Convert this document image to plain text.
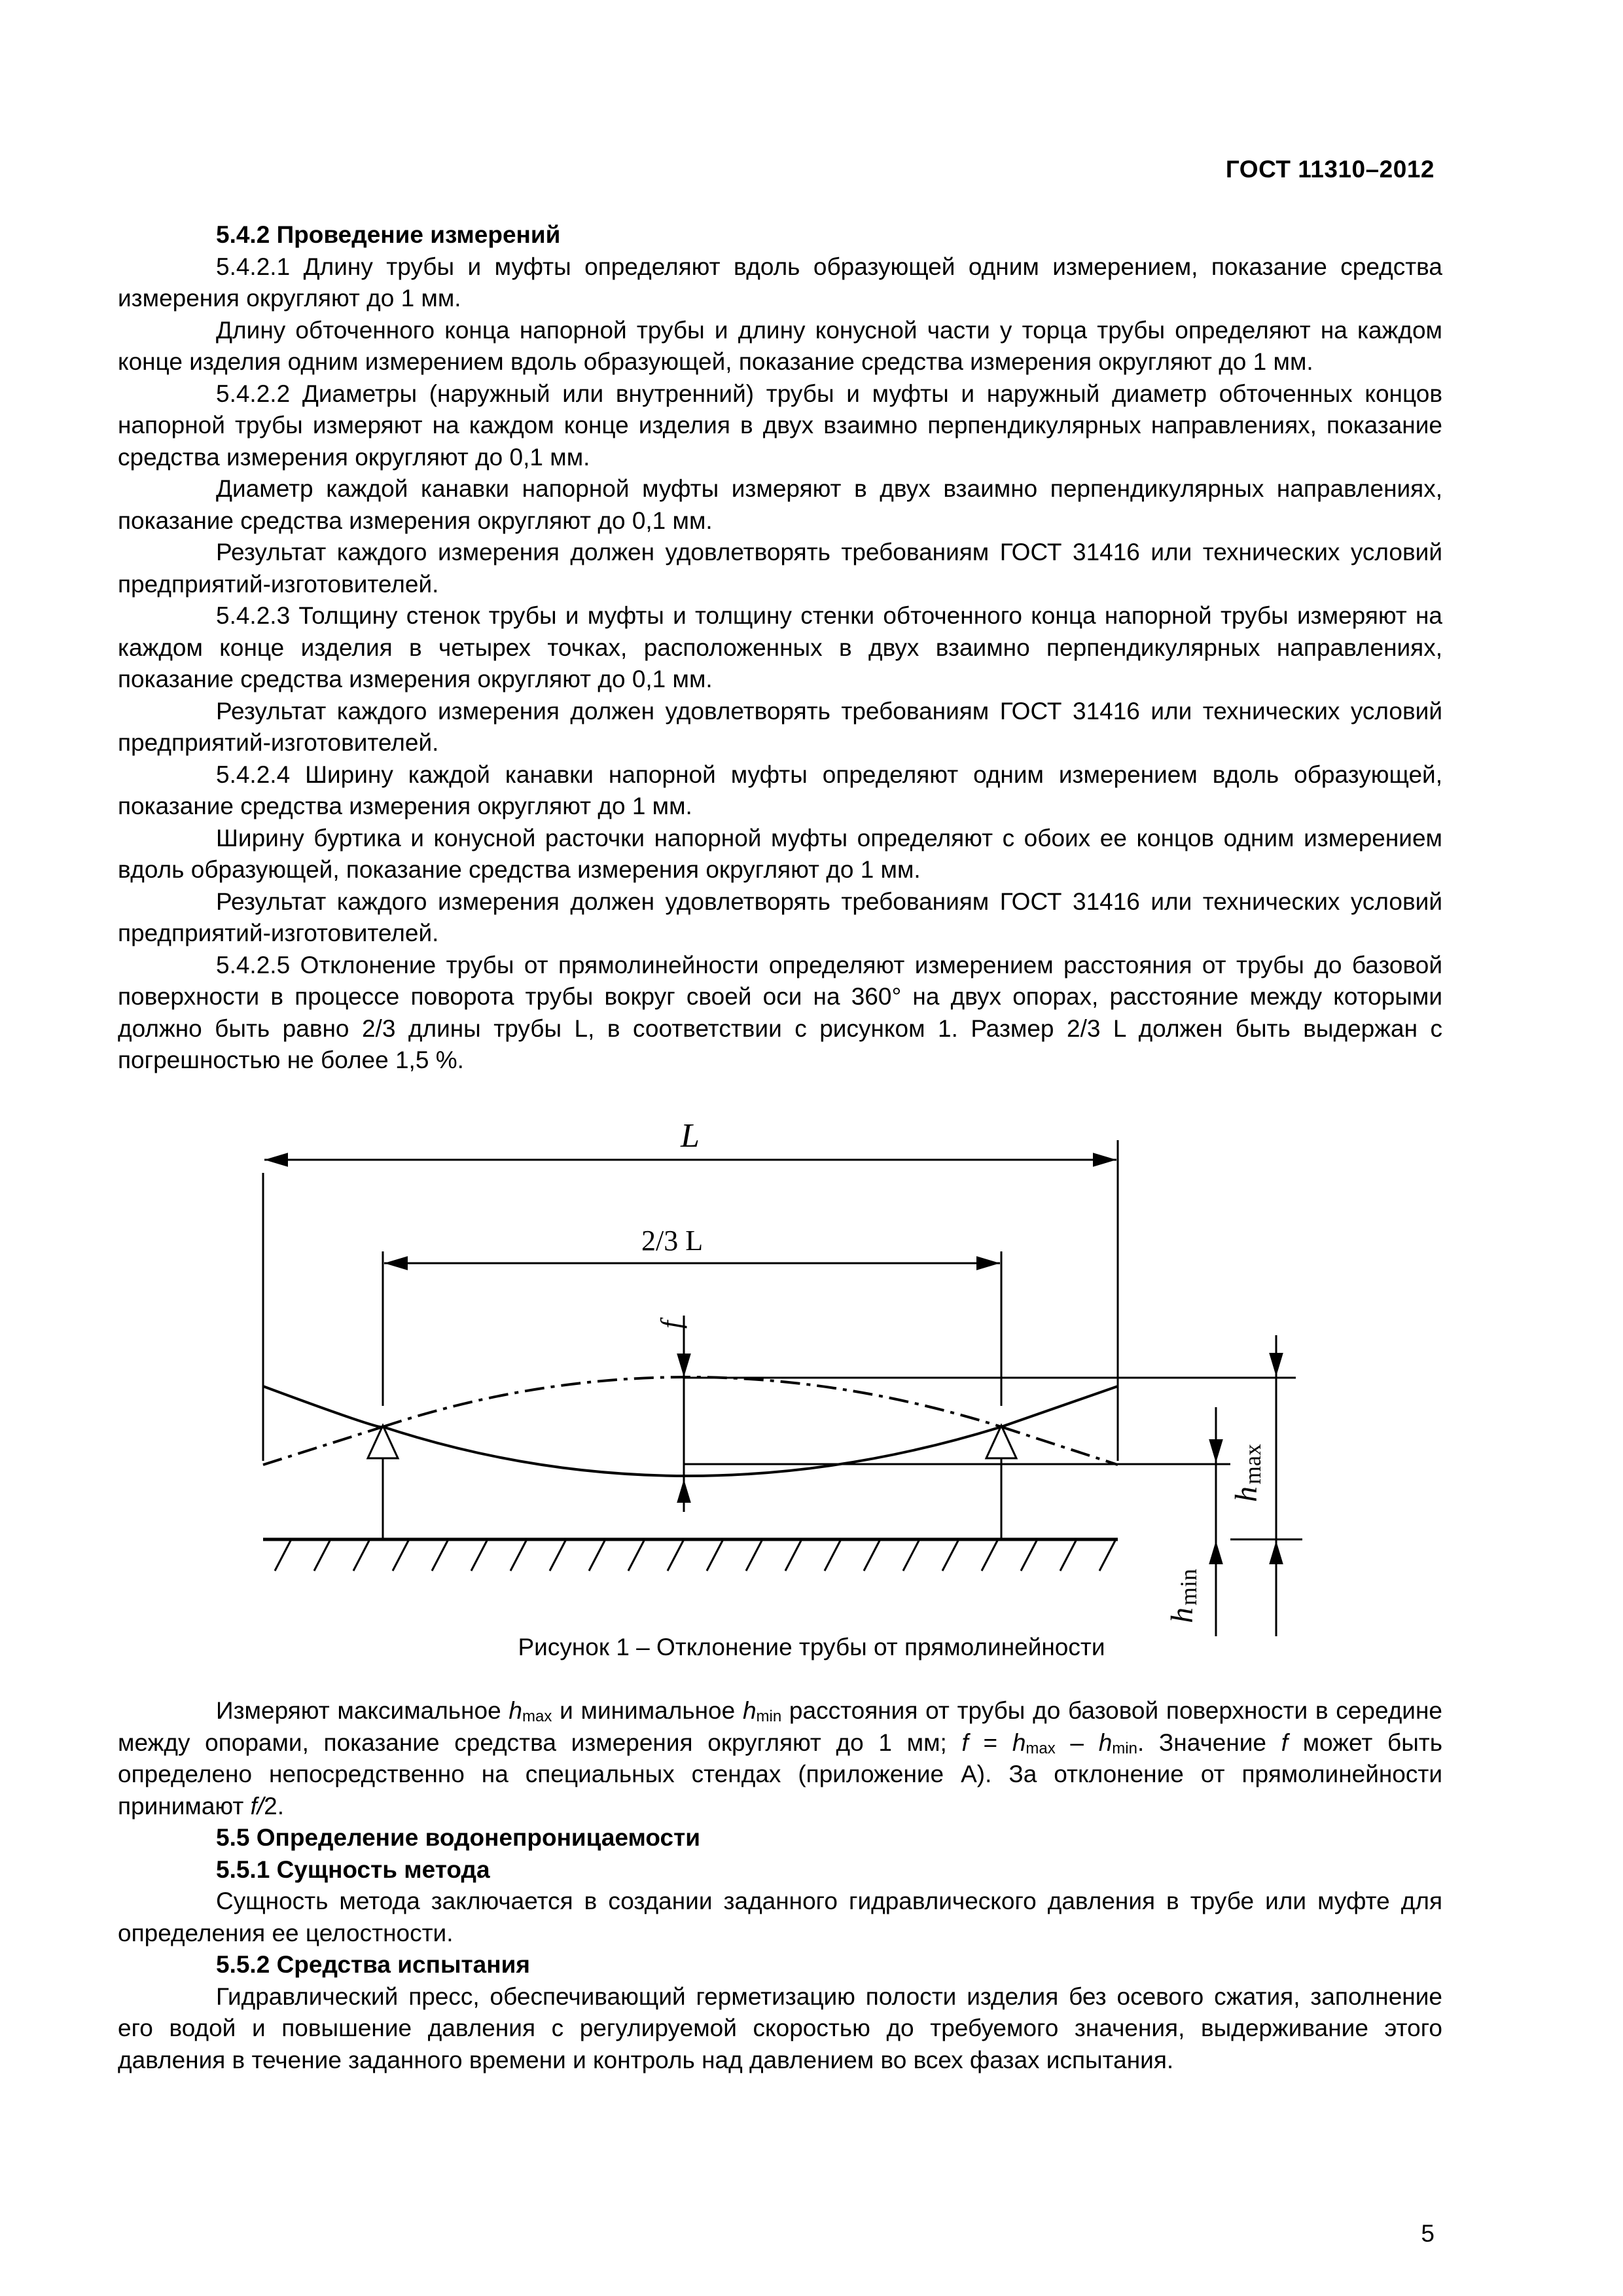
ГОСТ 11310–2012

5.4.2 Проведение измерений

5.4.2.1 Длину трубы и муфты определяют вдоль образующей одним измерением, показание средства измерения округляют до 1 мм.

Длину обточенного конца напорной трубы и длину конусной части у торца трубы определяют на каждом конце изделия одним измерением вдоль образующей, показание средства измерения округляют до 1 мм.

5.4.2.2 Диаметры (наружный или внутренний) трубы и муфты и наружный диаметр обточенных концов напорной трубы измеряют на каждом конце изделия в двух взаимно перпендикулярных направлениях, показание средства измерения округляют до 0,1 мм.

Диаметр каждой канавки напорной муфты измеряют в двух взаимно перпендикулярных направлениях, показание средства измерения округляют до 0,1 мм.

Результат каждого измерения должен удовлетворять требованиям ГОСТ 31416 или технических условий предприятий-изготовителей.

5.4.2.3 Толщину стенок трубы и муфты и толщину стенки обточенного конца напорной трубы измеряют на каждом конце изделия в четырех точках, расположенных в двух взаимно перпендикулярных направлениях, показание средства измерения округляют до 0,1 мм.

Результат каждого измерения должен удовлетворять требованиям ГОСТ 31416 или технических условий предприятий-изготовителей.

5.4.2.4 Ширину каждой канавки напорной муфты определяют одним измерением вдоль образующей, показание средства измерения округляют до 1 мм.

Ширину буртика и конусной расточки напорной муфты определяют с обоих ее концов одним измерением вдоль образующей, показание средства измерения округляют до 1 мм.

Результат каждого измерения должен удовлетворять требованиям ГОСТ 31416 или технических условий предприятий-изготовителей.

5.4.2.5 Отклонение трубы от прямолинейности определяют измерением расстояния от трубы до базовой поверхности в процессе поворота трубы вокруг своей оси на 360° на двух опорах, расстояние между которыми должно быть равно 2/3 длины трубы L, в соответствии с рисунком 1. Размер 2/3 L должен быть выдержан с погрешностью не более 1,5 %.

L
2/3 L
f
h
max
h
min
Рисунок 1 – Отклонение трубы от прямолинейности

Измеряют максимальное $h_{max}$ и минимальное $h_{min}$ расстояния от трубы до базовой поверхности в середине между опорами, показание средства измерения округляют до 1 мм; $f = h_{max} - h_{min}$. Значение f может быть определено непосредственно на специальных стендах (приложение А). За отклонение от прямолинейности принимают f/2.

5.5 Определение водонепроницаемости

5.5.1 Сущность метода

Сущность метода заключается в создании заданного гидравлического давления в трубе или муфте для определения ее целостности.

5.5.2 Средства испытания

Гидравлический пресс, обеспечивающий герметизацию полости изделия без осевого сжатия, заполнение его водой и повышение давления с регулируемой скоростью до требуемого значения, выдерживание этого давления в течение заданного времени и контроль над давлением во всех фазах испытания.

5
